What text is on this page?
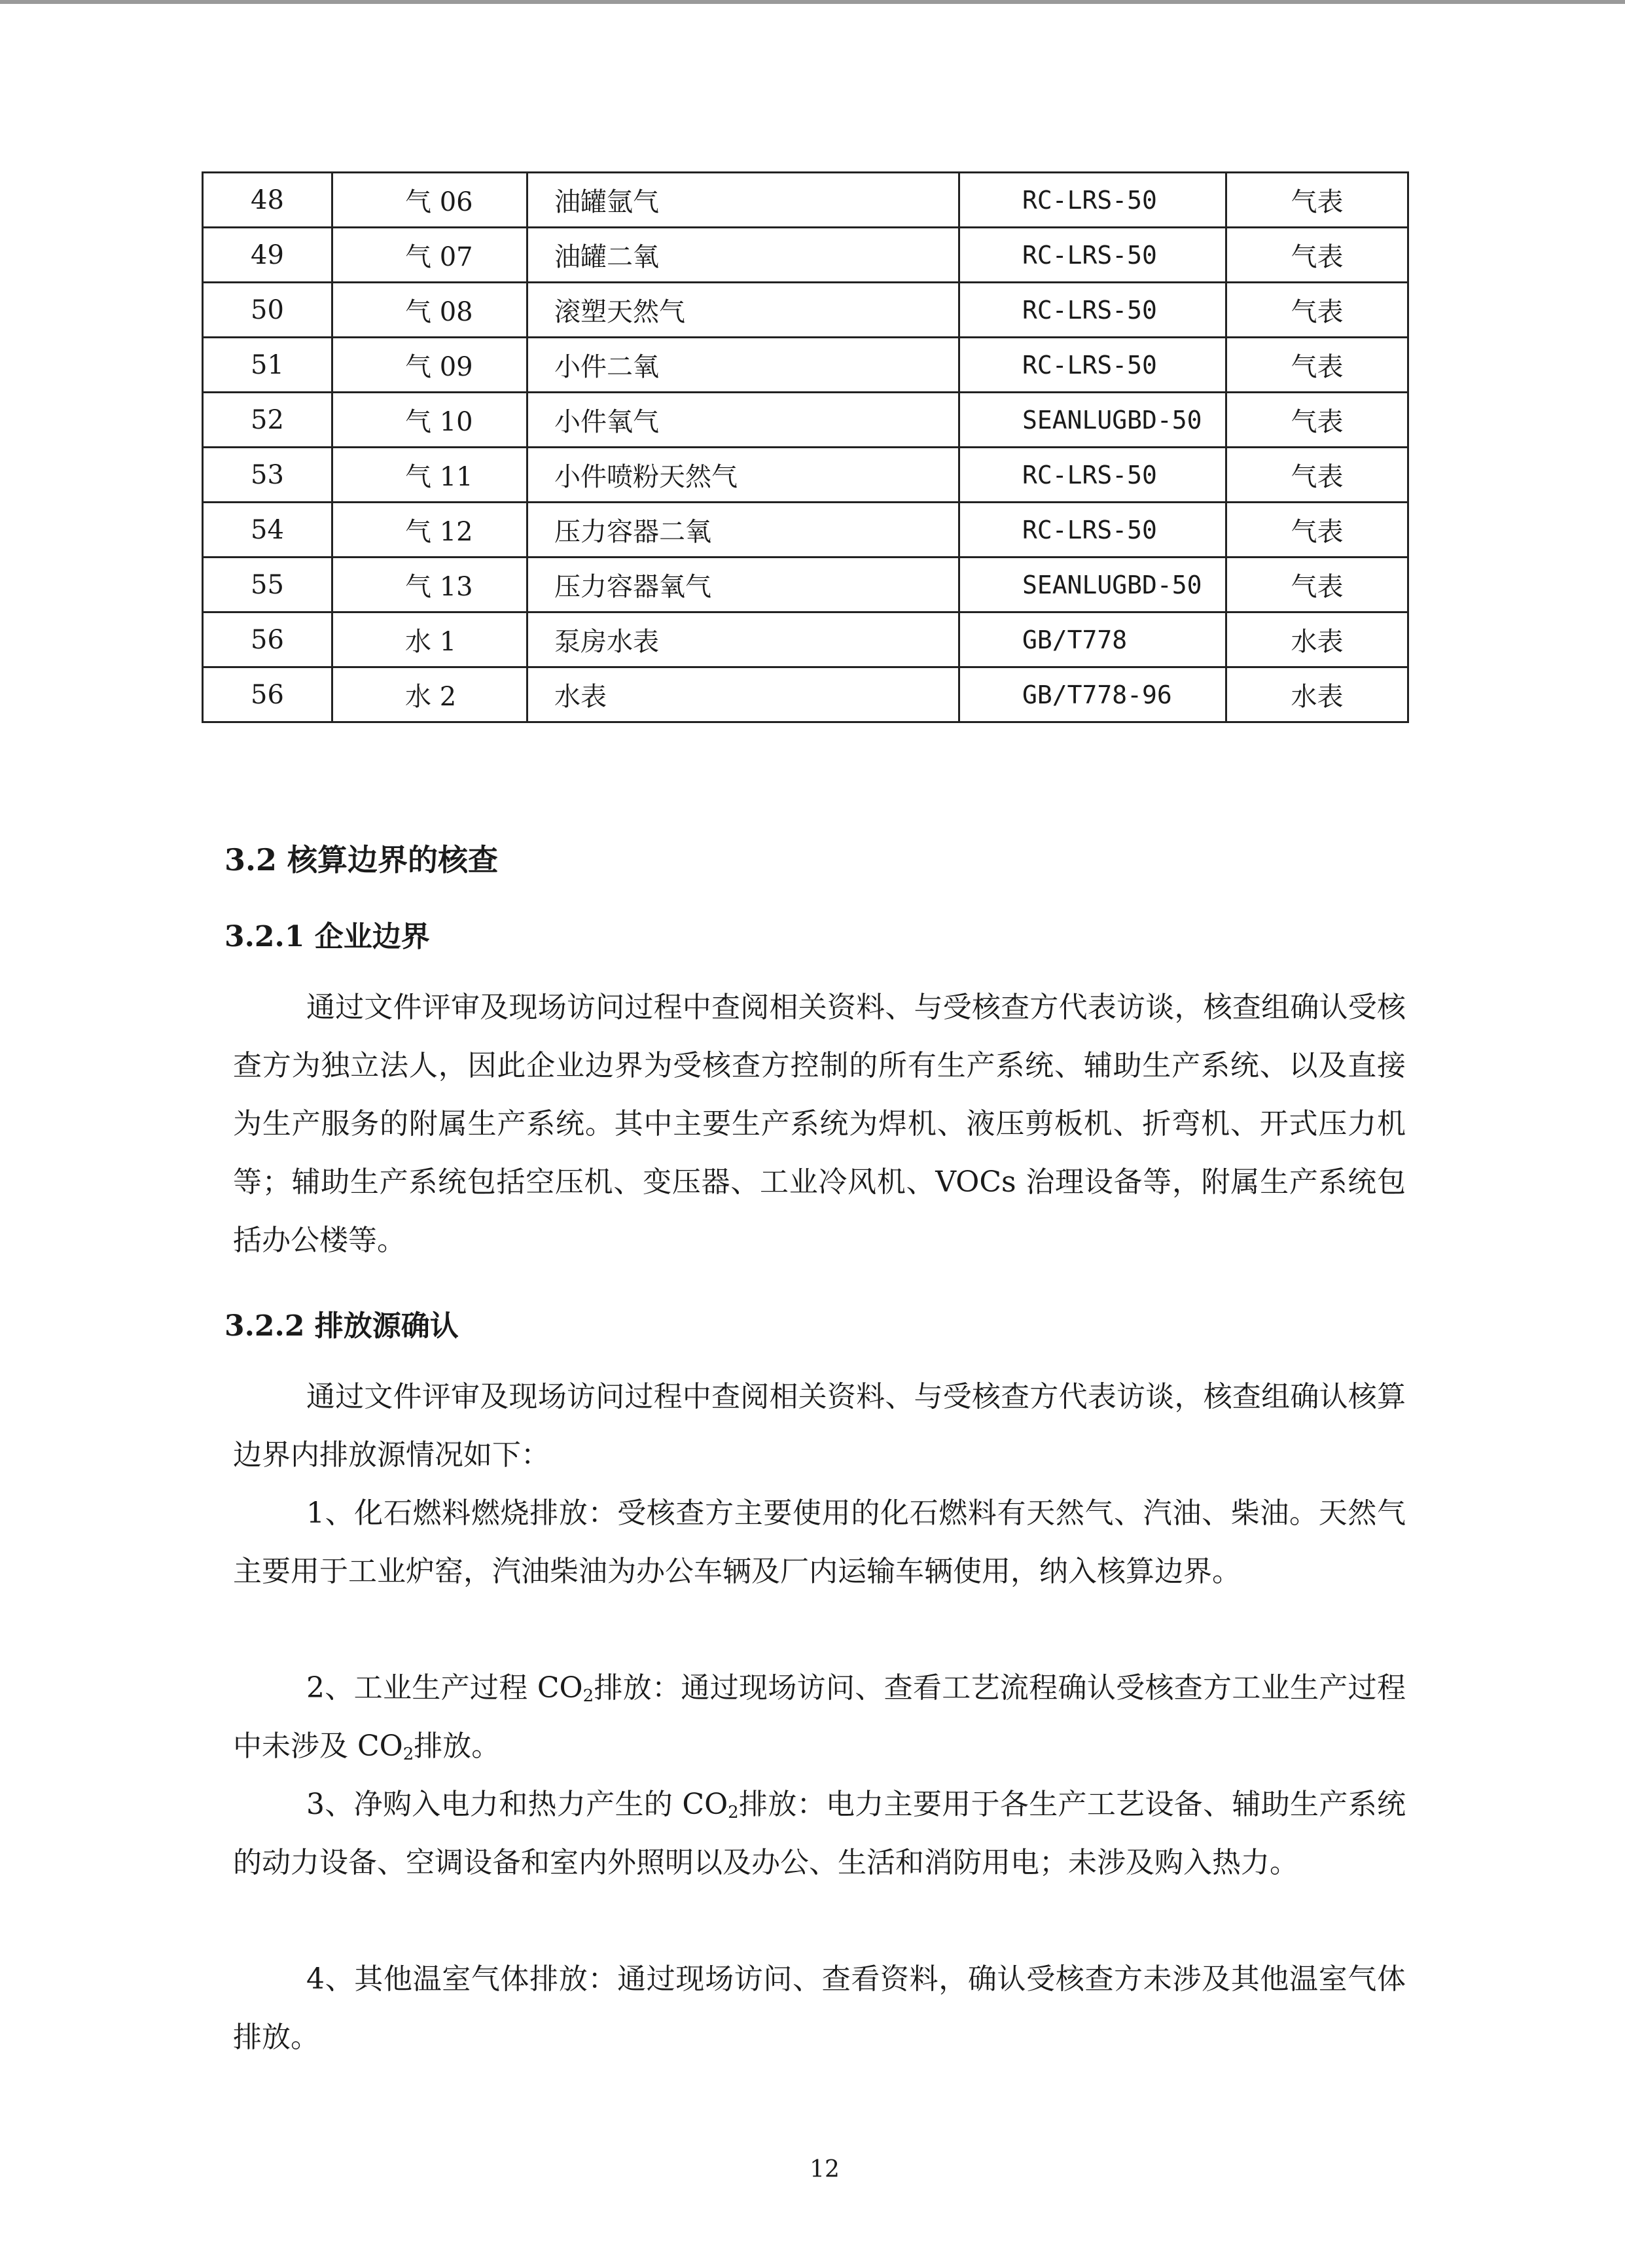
48	气 06	油罐氩气	RC-LRS-50	气表
49	气 07	油罐二氧	RC-LRS-50	气表
50	气 08	滚塑天然气	RC-LRS-50	气表
51	气 09	小件二氧	RC-LRS-50	气表
52	气 10	小件氧气	SEANLUGBD-50	气表
53	气 11	小件喷粉天然气	RC-LRS-50	气表
54	气 12	压力容器二氧	RC-LRS-50	气表
55	气 13	压力容器氧气	SEANLUGBD-50	气表
56	水 1	泵房水表	GB/T778	水表
56	水 2	水表	GB/T778-96	水表
3.2 核算边界的核查
3.2.1 企业边界

通过文件评审及现场访问过程中查阅相关资料、与受核查方代表访谈，核查组确认受核查方为独立法人，因此企业边界为受核查方控制的所有生产系统、辅助生产系统、以及直接为生产服务的附属生产系统。其中主要生产系统为焊机、液压剪板机、折弯机、开式压力机等；辅助生产系统包括空压机、变压器、工业冷风机、VOCs 治理设备等，附属生产系统包括办公楼等。

3.2.2 排放源确认

通过文件评审及现场访问过程中查阅相关资料、与受核查方代表访谈，核查组确认核算边界内排放源情况如下：

1、化石燃料燃烧排放：受核查方主要使用的化石燃料有天然气、汽油、柴油。天然气主要用于工业炉窑，汽油柴油为办公车辆及厂内运输车辆使用，纳入核算边界。

2、工业生产过程 $CO_2$排放：通过现场访问、查看工艺流程确认受核查方工业生产过程中未涉及 $CO_2$排放。

3、净购入电力和热力产生的 $CO_2$排放：电力主要用于各生产工艺设备、辅助生产系统的动力设备、空调设备和室内外照明以及办公、生活和消防用电；未涉及购入热力。

4、其他温室气体排放：通过现场访问、查看资料，确认受核查方未涉及其他温室气体排放。

12
